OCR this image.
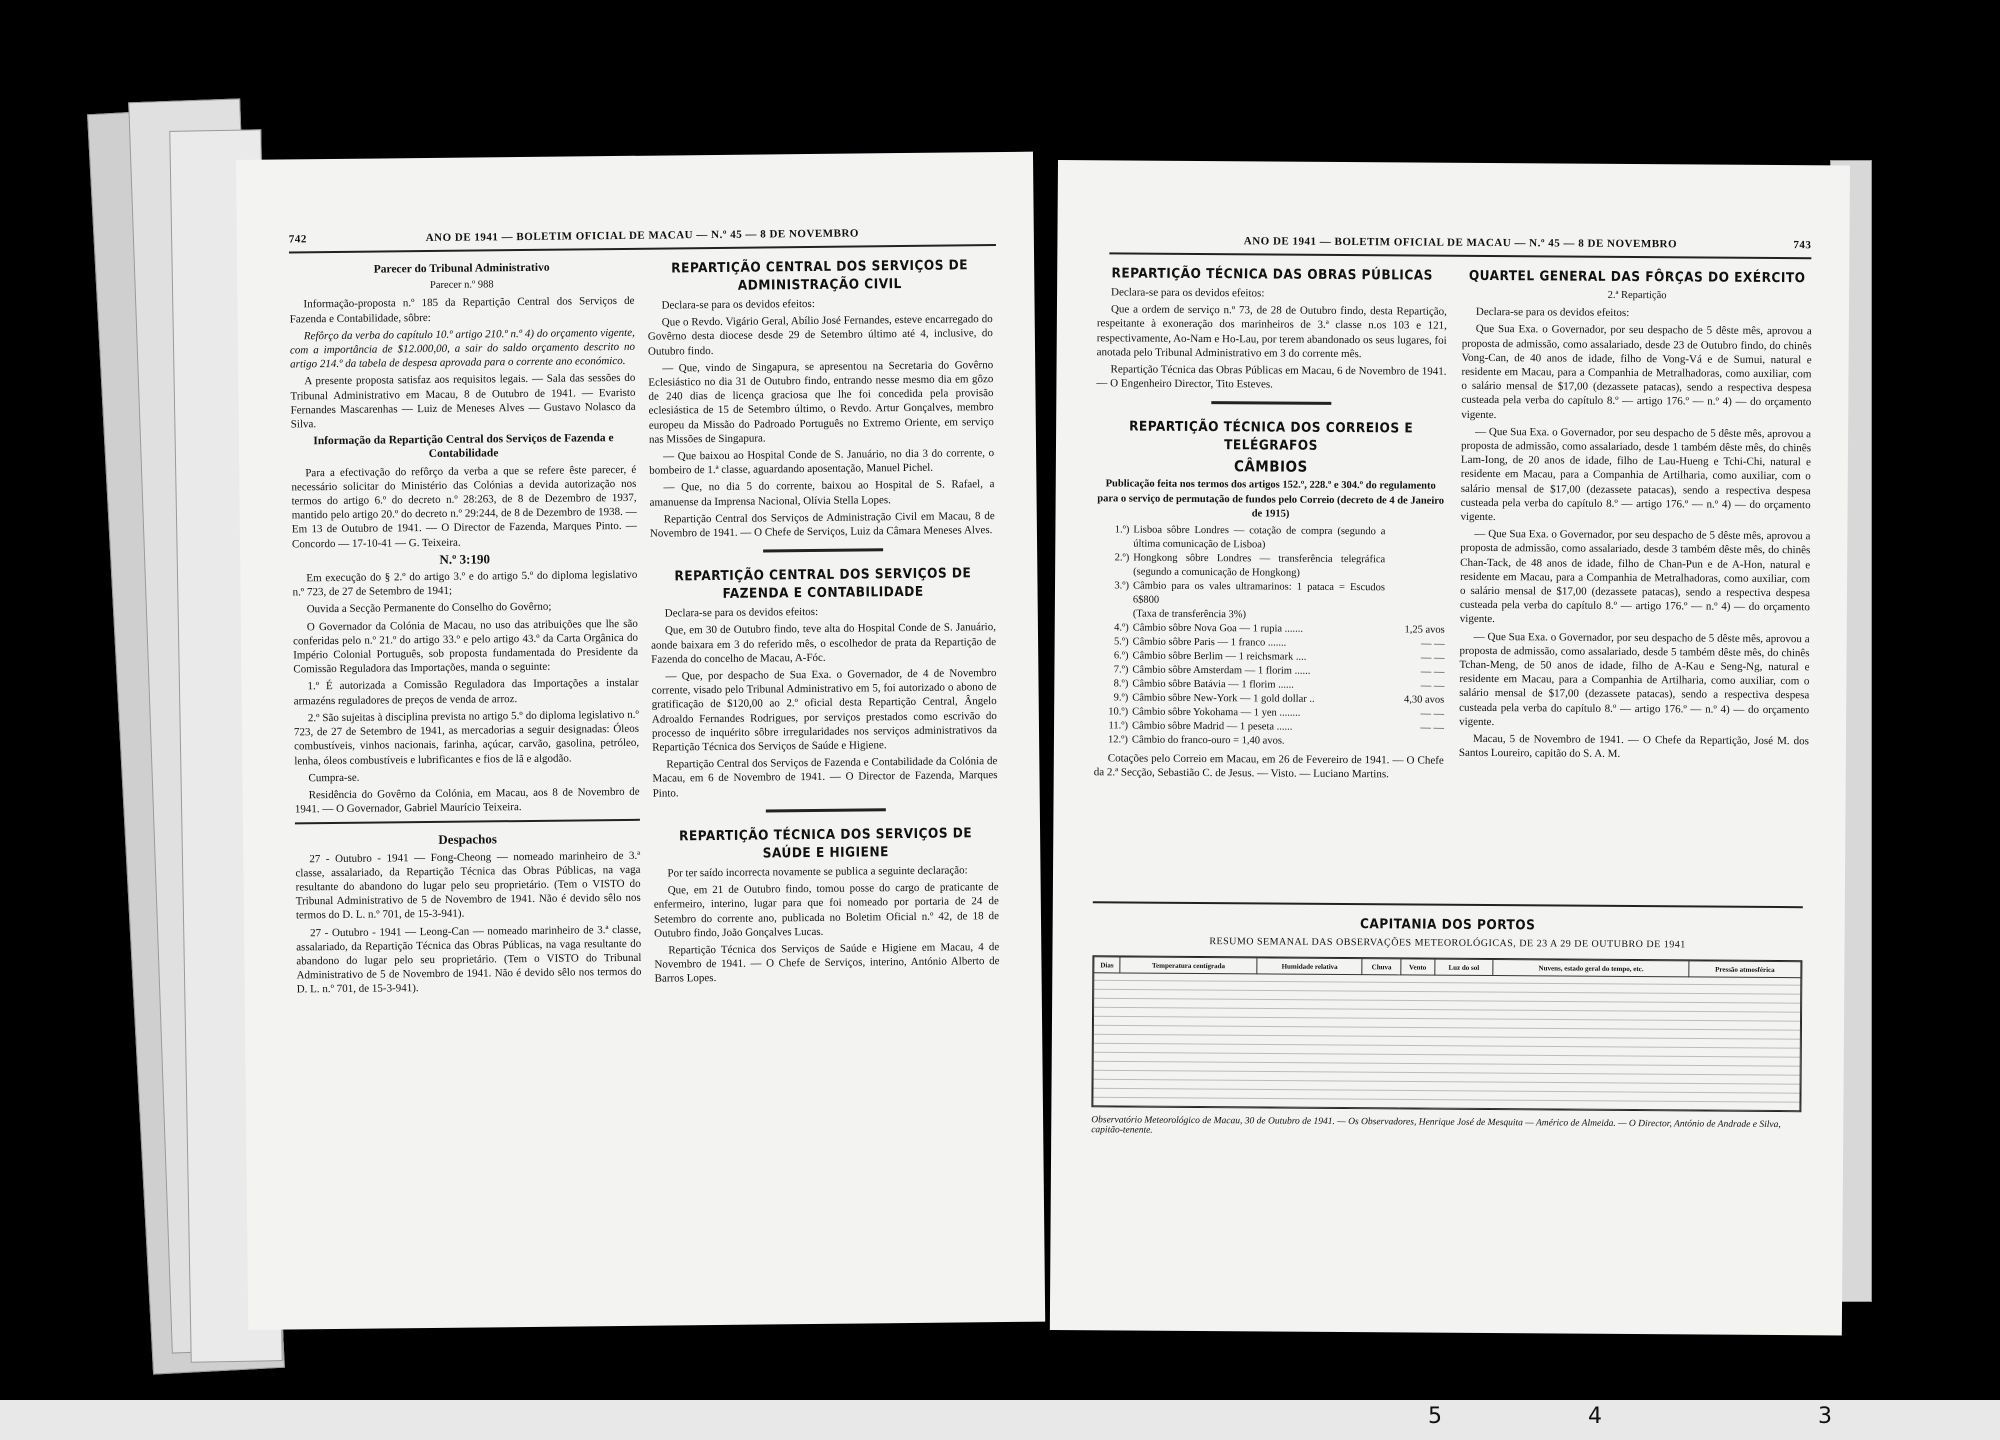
742	ANO DE 1941 — BOLETIM OFICIAL DE MACAU — N.º 45 — 8 DE NOVEMBRO

Parecer do Tribunal Administrativo

Parecer n.º 988

Informação-proposta n.º 185 da Repartição Central dos Serviços de Fazenda e Contabilidade, sôbre:

Refôrço da verba do capítulo 10.º artigo 210.º n.º 4) do orçamento vigente, com a importância de $12.000,00, a sair do saldo orçamento descrito no artigo 214.º da tabela de despesa aprovada para o corrente ano económico.

A presente proposta satisfaz aos requisitos legais. — Sala das sessões do Tribunal Administrativo em Macau, 8 de Outubro de 1941. — Evaristo Fernandes Mascarenhas — Luiz de Meneses Alves — Gustavo Nolasco da Silva.

Informação da Repartição Central dos Serviços de Fazenda e Contabilidade

Para a efectivação do refôrço da verba a que se refere êste parecer, é necessário solicitar do Ministério das Colónias a devida autorização nos termos do artigo 6.º do decreto n.º 28:263, de 8 de Dezembro de 1937, mantido pelo artigo 20.º do decreto n.º 29:244, de 8 de Dezembro de 1938. — Em 13 de Outubro de 1941. — O Director de Fazenda, Marques Pinto. — Concordo — 17-10-41 — G. Teixeira.

N.º 3:190

Em execução do § 2.º do artigo 3.º e do artigo 5.º do diploma legislativo n.º 723, de 27 de Setembro de 1941;

Ouvida a Secção Permanente do Conselho do Govêrno;

O Governador da Colónia de Macau, no uso das atribuições que lhe são conferidas pelo n.º 21.º do artigo 33.º e pelo artigo 43.º da Carta Orgânica do Império Colonial Português, sob proposta fundamentada do Presidente da Comissão Reguladora das Importações, manda o seguinte:

1.º É autorizada a Comissão Reguladora das Importações a instalar armazéns reguladores de preços de venda de arroz.

2.º São sujeitas à disciplina prevista no artigo 5.º do diploma legislativo n.º 723, de 27 de Setembro de 1941, as mercadorias a seguir designadas: Óleos combustíveis, vinhos nacionais, farinha, açúcar, carvão, gasolina, petróleo, lenha, óleos combustíveis e lubrificantes e fios de lã e algodão.

Cumpra-se.

Residência do Govêrno da Colónia, em Macau, aos 8 de Novembro de 1941. — O Governador, Gabriel Maurício Teixeira.

Despachos

27 - Outubro - 1941 — Fong-Cheong — nomeado marinheiro de 3.ª classe, assalariado, da Repartição Técnica das Obras Públicas, na vaga resultante do abandono do lugar pelo seu proprietário. (Tem o VISTO do Tribunal Administrativo de 5 de Novembro de 1941. Não é devido sêlo nos termos do D. L. n.º 701, de 15-3-941).

27 - Outubro - 1941 — Leong-Can — nomeado marinheiro de 3.ª classe, assalariado, da Repartição Técnica das Obras Públicas, na vaga resultante do abandono do lugar pelo seu proprietário. (Tem o VISTO do Tribunal Administrativo de 5 de Novembro de 1941. Não é devido sêlo nos termos do D. L. n.º 701, de 15-3-941).

REPARTIÇÃO CENTRAL DOS SERVIÇOS DE ADMINISTRAÇÃO CIVIL

Declara-se para os devidos efeitos:

Que o Revdo. Vigário Geral, Abílio José Fernandes, esteve encarregado do Govêrno desta diocese desde 29 de Setembro último até 4, inclusive, do Outubro findo.

— Que, vindo de Singapura, se apresentou na Secretaria do Govêrno Eclesiástico no dia 31 de Outubro findo, entrando nesse mesmo dia em gôzo de 240 dias de licença graciosa que lhe foi concedida pela provisão eclesiástica de 15 de Setembro último, o Revdo. Artur Gonçalves, membro europeu da Missão do Padroado Português no Extremo Oriente, em serviço nas Missões de Singapura.

— Que baixou ao Hospital Conde de S. Januário, no dia 3 do corrente, o bombeiro de 1.ª classe, aguardando aposentação, Manuel Pichel.

— Que, no dia 5 do corrente, baixou ao Hospital de S. Rafael, a amanuense da Imprensa Nacional, Olívia Stella Lopes.

Repartição Central dos Serviços de Administração Civil em Macau, 8 de Novembro de 1941. — O Chefe de Serviços, Luiz da Câmara Meneses Alves.

REPARTIÇÃO CENTRAL DOS SERVIÇOS DE FAZENDA E CONTABILIDADE

Declara-se para os devidos efeitos:

Que, em 30 de Outubro findo, teve alta do Hospital Conde de S. Januário, aonde baixara em 3 do referido mês, o escolhedor de prata da Repartição de Fazenda do concelho de Macau, A-Fóc.

— Que, por despacho de Sua Exa. o Governador, de 4 de Novembro corrente, visado pelo Tribunal Administrativo em 5, foi autorizado o abono de gratificação de $120,00 ao 2.º oficial desta Repartição Central, Ângelo Adroaldo Fernandes Rodrigues, por serviços prestados como escrivão do processo de inquérito sôbre irregularidades nos serviços administrativos da Repartição Técnica dos Serviços de Saúde e Higiene.

Repartição Central dos Serviços de Fazenda e Contabilidade da Colónia de Macau, em 6 de Novembro de 1941. — O Director de Fazenda, Marques Pinto.

REPARTIÇÃO TÉCNICA DOS SERVIÇOS DE SAÚDE E HIGIENE

Por ter saído incorrecta novamente se publica a seguinte declaração:

Que, em 21 de Outubro findo, tomou posse do cargo de praticante de enfermeiro, interino, lugar para que foi nomeado por portaria de 24 de Setembro do corrente ano, publicada no Boletim Oficial n.º 42, de 18 de Outubro findo, João Gonçalves Lucas.

Repartição Técnica dos Serviços de Saúde e Higiene em Macau, 4 de Novembro de 1941. — O Chefe de Serviços, interino, António Alberto de Barros Lopes.

ANO DE 1941 — BOLETIM OFICIAL DE MACAU — N.º 45 — 8 DE NOVEMBRO	743

REPARTIÇÃO TÉCNICA DAS OBRAS PÚBLICAS

Declara-se para os devidos efeitos:

Que a ordem de serviço n.º 73, de 28 de Outubro findo, desta Repartição, respeitante à exoneração dos marinheiros de 3.ª classe n.os 103 e 121, respectivamente, Ao-Nam e Ho-Lau, por terem abandonado os seus lugares, foi anotada pelo Tribunal Administrativo em 3 do corrente mês.

Repartição Técnica das Obras Públicas em Macau, 6 de Novembro de 1941. — O Engenheiro Director, Tito Esteves.

REPARTIÇÃO TÉCNICA DOS CORREIOS E TELÉGRAFOS

CÂMBIOS

Publicação feita nos termos dos artigos 152.º, 228.º e 304.º do regulamento para o serviço de permutação de fundos pelo Correio (decreto de 4 de Janeiro de 1915)

1.º) Lisboa sôbre Londres — cotação de compra (segundo a última comunicação de Lisboa)
2.º) Hongkong sôbre Londres — transferência telegráfica (segundo a comunicação de Hongkong)
3.º) Câmbio para os vales ultramarinos: 1 pataca = Escudos 6$800
(Taxa de transferência 3%)
4.º) Câmbio sôbre Nova Goa — 1 rupia .......	1,25 avos
5.º) Câmbio sôbre Paris — 1 franco .......	— —
6.º) Câmbio sôbre Berlim — 1 reichsmark ....	— —
7.º) Câmbio sôbre Amsterdam — 1 florim ......	— —
8.º) Câmbio sôbre Batávia — 1 florim ......	— —
9.º) Câmbio sôbre New-York — 1 gold dollar ..	4,30 avos
10.º) Câmbio sôbre Yokohama — 1 yen ........	— —
11.º) Câmbio sôbre Madrid — 1 peseta ......	— —
12.º) Câmbio do franco-ouro = 1,40 avos.

Cotações pelo Correio em Macau, em 26 de Fevereiro de 1941. — O Chefe da 2.ª Secção, Sebastião C. de Jesus. — Visto. — Luciano Martins.

QUARTEL GENERAL DAS FÔRÇAS DO EXÉRCITO

2.ª Repartição

Declara-se para os devidos efeitos:

Que Sua Exa. o Governador, por seu despacho de 5 dêste mês, aprovou a proposta de admissão, como assalariado, desde 23 de Outubro findo, do chinês Vong-Can, de 40 anos de idade, filho de Vong-Vá e de Sumui, natural e residente em Macau, para a Companhia de Metralhadoras, como auxiliar, com o salário mensal de $17,00 (dezassete patacas), sendo a respectiva despesa custeada pela verba do capítulo 8.º — artigo 176.º — n.º 4) — do orçamento vigente.

— Que Sua Exa. o Governador, por seu despacho de 5 dêste mês, aprovou a proposta de admissão, como assalariado, desde 1 também dêste mês, do chinês Lam-Iong, de 20 anos de idade, filho de Lau-Hueng e Tchi-Chi, natural e residente em Macau, para a Companhia de Artilharia, como auxiliar, com o salário mensal de $17,00 (dezassete patacas), sendo a respectiva despesa custeada pela verba do capítulo 8.º — artigo 176.º — n.º 4) — do orçamento vigente.

— Que Sua Exa. o Governador, por seu despacho de 5 dêste mês, aprovou a proposta de admissão, como assalariado, desde 3 também dêste mês, do chinês Chan-Tack, de 48 anos de idade, filho de Chan-Pun e de A-Hon, natural e residente em Macau, para a Companhia de Metralhadoras, como auxiliar, com o salário mensal de $17,00 (dezassete patacas), sendo a respectiva despesa custeada pela verba do capítulo 8.º — artigo 176.º — n.º 4) — do orçamento vigente.

— Que Sua Exa. o Governador, por seu despacho de 5 dêste mês, aprovou a proposta de admissão, como assalariado, desde 5 também dêste mês, do chinês Tchan-Meng, de 50 anos de idade, filho de A-Kau e Seng-Ng, natural e residente em Macau, para a Companhia de Artilharia, como auxiliar, com o salário mensal de $17,00 (dezassete patacas), sendo a respectiva despesa custeada pela verba do capítulo 8.º — artigo 176.º — n.º 4) — do orçamento vigente.

Macau, 5 de Novembro de 1941. — O Chefe da Repartição, José M. dos Santos Loureiro, capitão do S. A. M.

CAPITANIA DOS PORTOS

RESUMO SEMANAL DAS OBSERVAÇÕES METEOROLÓGICAS, DE 23 A 29 DE OUTUBRO DE 1941

Dias	Temperatura centígrada	Humidade relativa	Chuva	Vento	Luz do sol	Nuvens, estado geral do tempo, etc.	Pressão atmosférica

Observatório Meteorológico de Macau, 30 de Outubro de 1941. — Os Observadores, Henrique José de Mesquita — Américo de Almeida. — O Director, António de Andrade e Silva, capitão-tenente.
5	4	3
